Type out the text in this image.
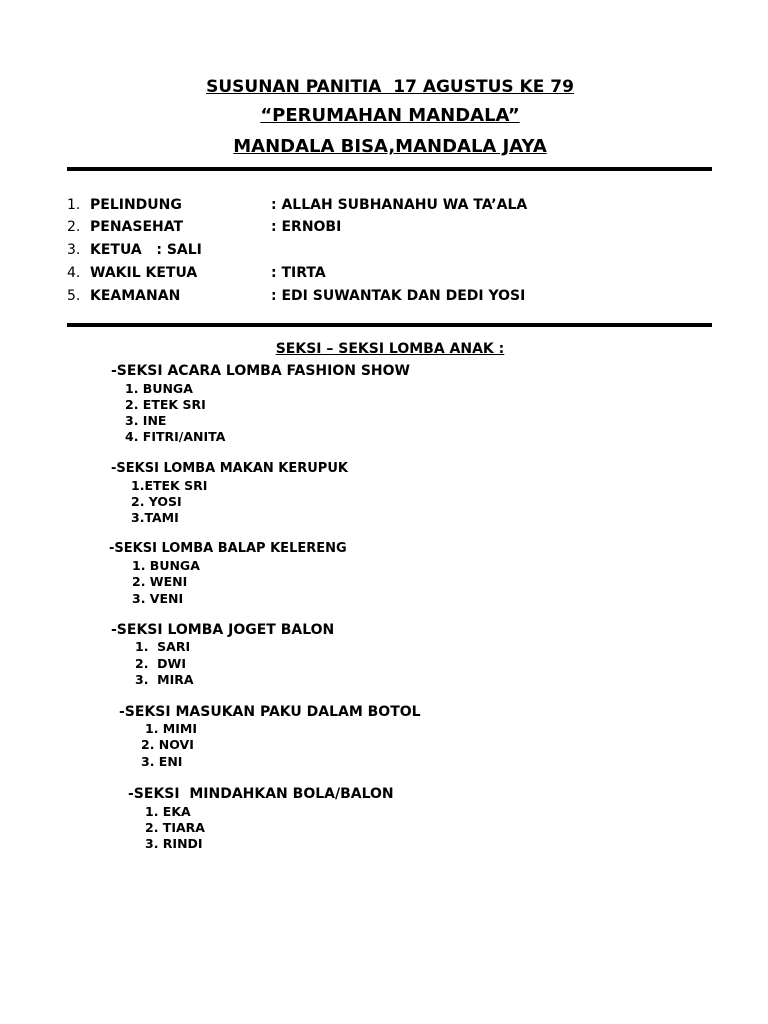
SUSUNAN PANITIA  17 AGUSTUS KE 79
“PERUMAHAN MANDALA”
MANDALA BISA,MANDALA JAYA
1. PELINDUNG	: ALLAH SUBHANAHU WA TA’ALA
2. PENASEHAT	: ERNOBI
3. KETUA   : SALI
4. WAKIL KETUA	: TIRTA
5. KEAMANAN	: EDI SUWANTAK DAN DEDI YOSI
SEKSI – SEKSI LOMBA ANAK :
-SEKSI ACARA LOMBA FASHION SHOW
1. BUNGA
2. ETEK SRI
3. INE
4. FITRI/ANITA
-SEKSI LOMBA MAKAN KERUPUK
1.ETEK SRI
2. YOSI
3.TAMI
-SEKSI LOMBA BALAP KELERENG
1. BUNGA
2. WENI
3. VENI
-SEKSI LOMBA JOGET BALON
1.  SARI
2.  DWI
3.  MIRA
-SEKSI MASUKAN PAKU DALAM BOTOL
1. MIMI
2. NOVI
3. ENI
-SEKSI  MINDAHKAN BOLA/BALON
1. EKA
2. TIARA
3. RINDI
